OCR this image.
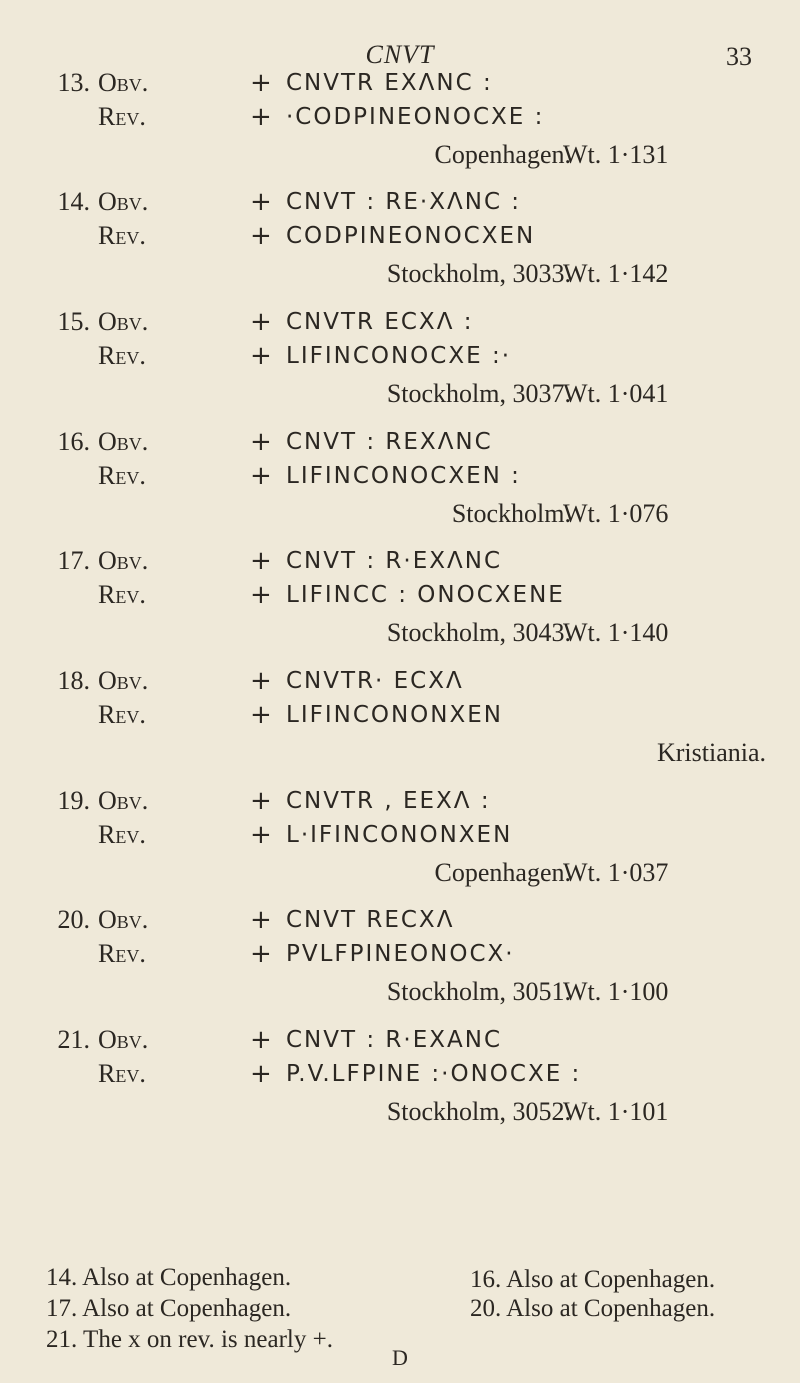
CNVT	33
13. Obv.	+ CNVTR EXΛNC :
Rev.	+ ·CODPINEONOCXE :
Copenhagen.
Wt. 1·131
14. Obv.	+ CNVT : RE·XΛNC :
Rev.	+ CODPINEONOCXEN
Stockholm, 3033.
Wt. 1·142
15. Obv.	+ CNVTR ECXΛ :
Rev.	+ LIFINCONOCXE :·
Stockholm, 3037.
Wt. 1·041
16. Obv.	+ CNVT : REXΛNC
Rev.	+ LIFINCONOCXEN :
Stockholm.
Wt. 1·076
17. Obv.	+ CNVT : R·EXΛNC
Rev.	+ LIFINCC : ONOCXENE
Stockholm, 3043.
Wt. 1·140
18. Obv.	+ CNVTR· ECXΛ
Rev.	+ LIFINCONONXEN
Kristiania.
19. Obv.	+ CNVTR , EEXΛ :
Rev.	+ L·IFINCONONXEN
Copenhagen.
Wt. 1·037
20. Obv.	+ CNVT RECXΛ
Rev.	+ PVLFPINEONOCX·
Stockholm, 3051.
Wt. 1·100
21. Obv.	+ CNVT : R·EXANC
Rev.	+ P.V.LFPINE :·ONOCXE :
Stockholm, 3052.
Wt. 1·101
14. Also at Copenhagen.	16. Also at Copenhagen.
17. Also at Copenhagen.	20. Also at Copenhagen.
21. The x on rev. is nearly +.
D
